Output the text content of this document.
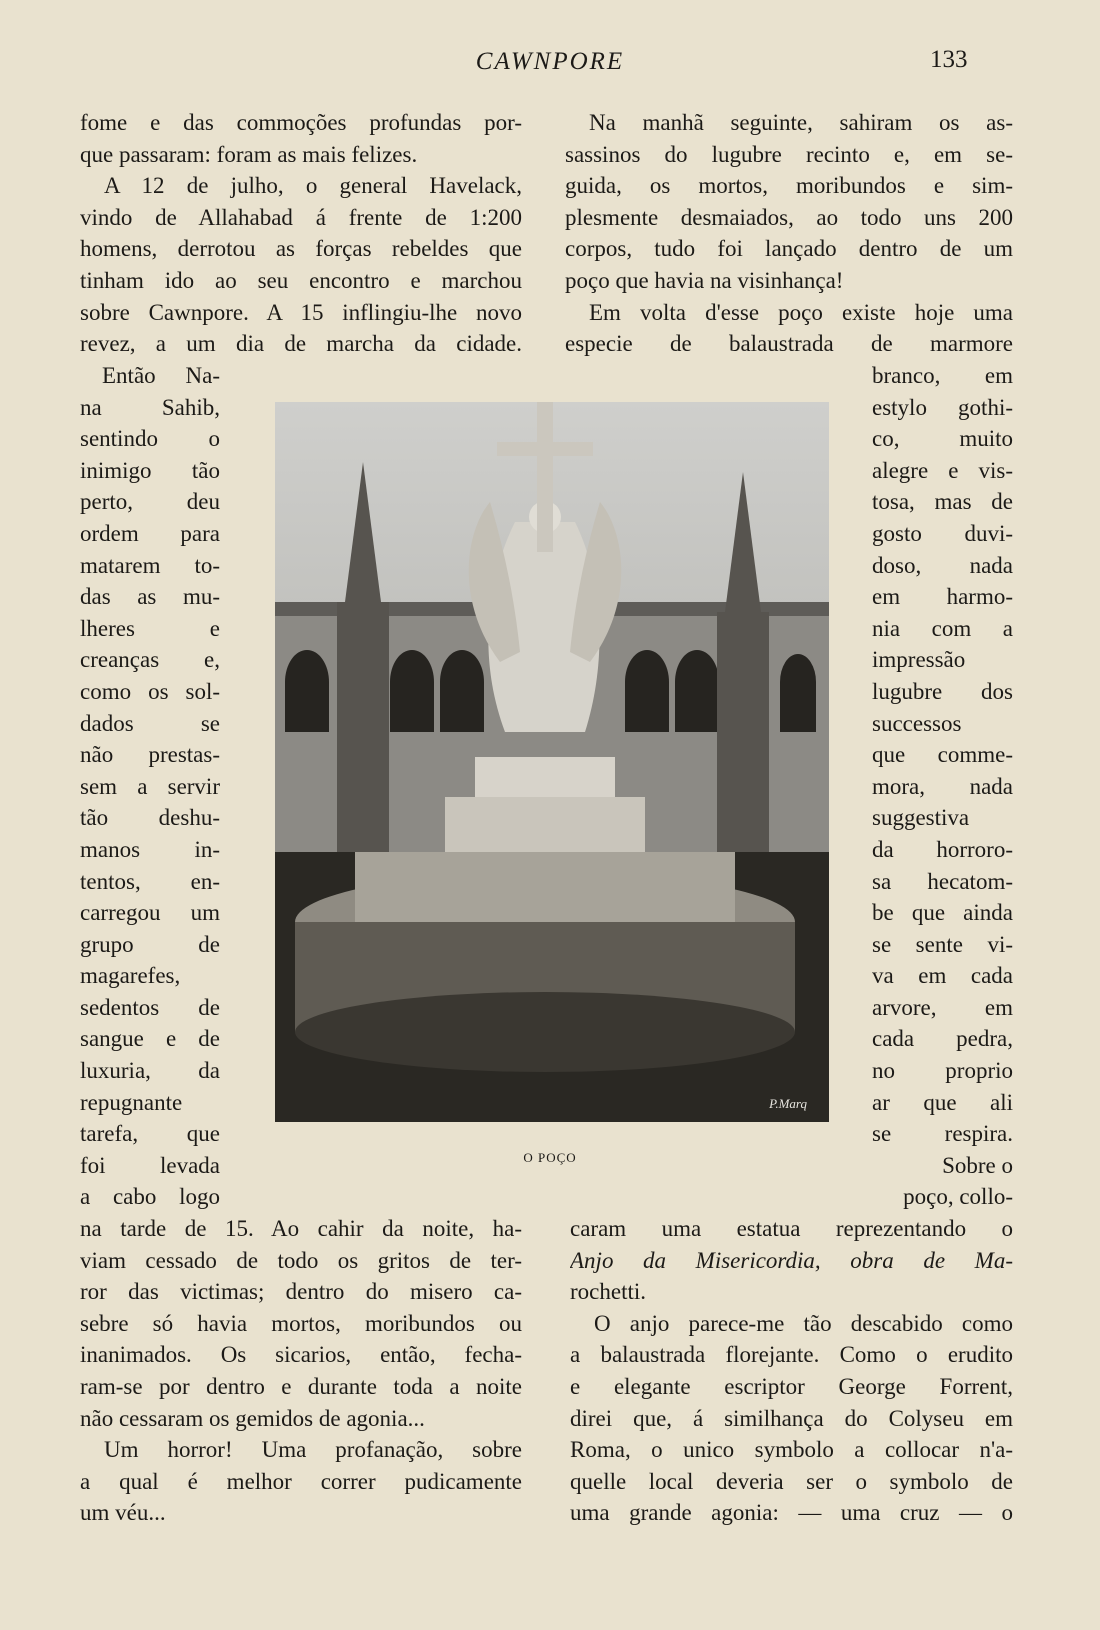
CAWNPORE	133
fome e das commoções profundas por-
que passaram: foram as mais felizes.
A 12 de julho, o general Havelack,
vindo de Allahabad á frente de 1:200
homens, derrotou as forças rebeldes que
tinham ido ao seu encontro e marchou
sobre Cawnpore. A 15 inflingiu-lhe novo
revez, a um dia de marcha da cidade.
Então Na-
na Sahib,
sentindo o
inimigo tão
perto, deu
ordem para
matarem to-
das as mu-
lheres e
creanças e,
como os sol-
dados se
não prestas-
sem a servir
tão deshu-
manos in-
tentos, en-
carregou um
grupo de
magarefes,
sedentos de
sangue e de
luxuria, da
repugnante
tarefa, que
foi levada
a cabo logo
na tarde de 15. Ao cahir da noite, ha-
viam cessado de todo os gritos de ter-
ror das victimas; dentro do misero ca-
sebre só havia mortos, moribundos ou
inanimados. Os sicarios, então, fecha-
ram-se por dentro e durante toda a noite
não cessaram os gemidos de agonia...
Um horror! Uma profanação, sobre
a qual é melhor correr pudicamente
um véu...
Na manhã seguinte, sahiram os as-
sassinos do lugubre recinto e, em se-
guida, os mortos, moribundos e sim-
plesmente desmaiados, ao todo uns 200
corpos, tudo foi lançado dentro de um
poço que havia na visinhança!
Em volta d'esse poço existe hoje uma
especie de balaustrada de marmore
branco, em
estylo gothi-
co, muito
alegre e vis-
tosa, mas de
gosto duvi-
doso, nada
em harmo-
nia com a
impressão
lugubre dos
successos
que comme-
mora, nada
suggestiva
da horroro-
sa hecatom-
be que ainda
se sente vi-
va em cada
arvore, em
cada pedra,
no proprio
ar que ali
se respira.
Sobre o
poço, collo-
caram uma estatua reprezentando o
Anjo da Misericordia, obra de Ma-
rochetti.
O anjo parece-me tão descabido como
a balaustrada florejante. Como o erudito
e elegante escriptor George Forrent,
direi que, á similhança do Colyseu em
Roma, o unico symbolo a collocar n'a-
quelle local deveria ser o symbolo de
uma grande agonia: — uma cruz — o
P.Marq
O POÇO
